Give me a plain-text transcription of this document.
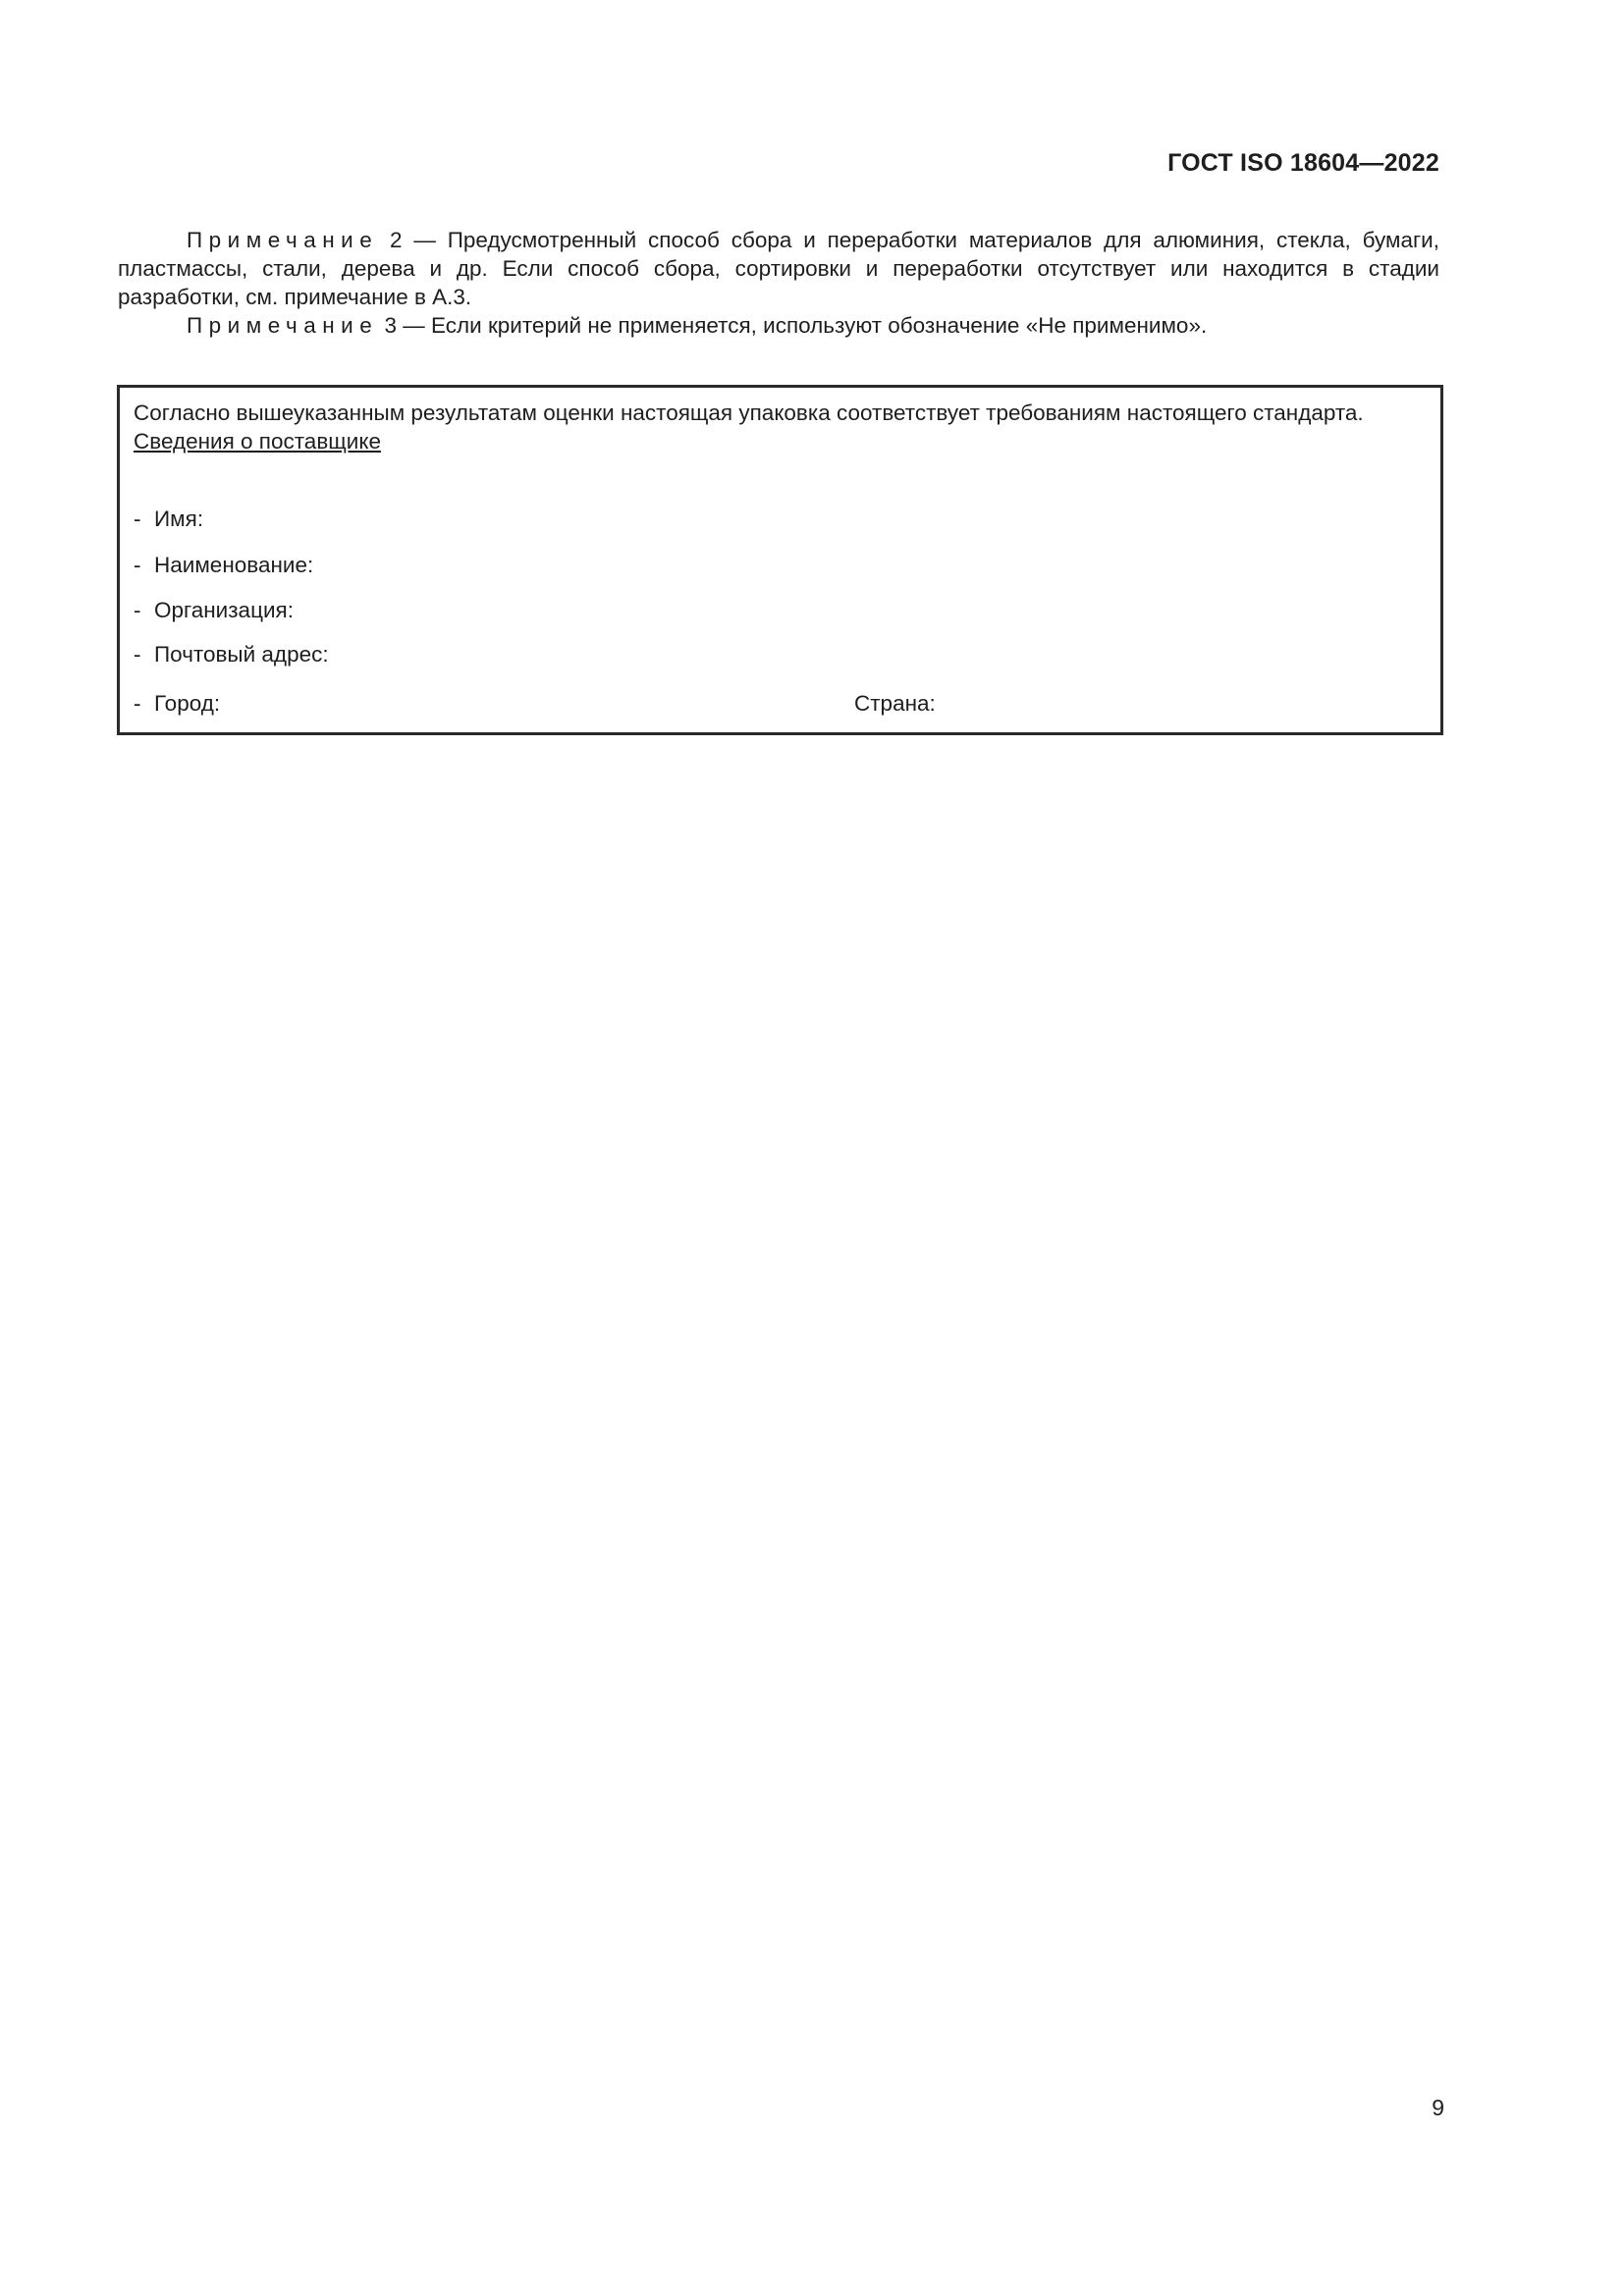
ГОСТ ISO 18604—2022

Примечание 2 — Предусмотренный способ сбора и переработки материалов для алюминия, стекла, бумаги, пластмассы, стали, дерева и др. Если способ сбора, сортировки и переработки отсутствует или находится в стадии разработки, см. примечание в А.3.

Примечание 3 — Если критерий не применяется, используют обозначение «Не применимо».

Согласно вышеуказанным результатам оценки настоящая упаковка соответствует требованиям настоящего стандарта.

Сведения о поставщике

- Имя:
- Наименование:
- Организация:
- Почтовый адрес:
- Город:	Страна:
9
